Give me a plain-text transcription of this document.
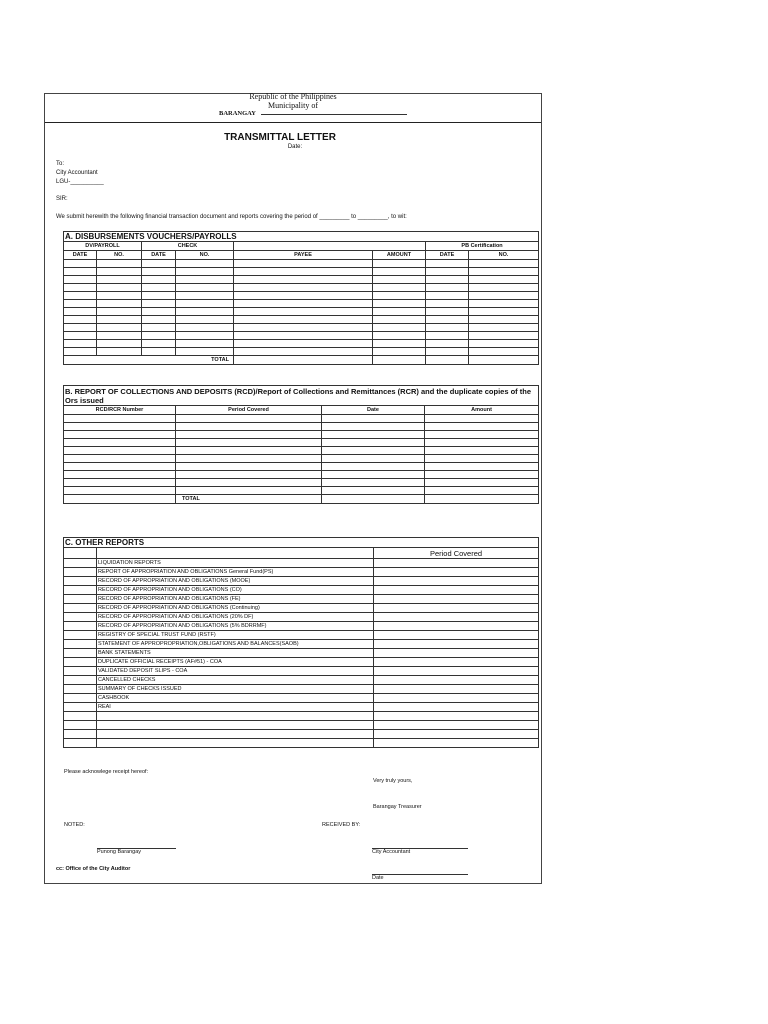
Republic of the Philippines
Municipality of
BARANGAY
TRANSMITTAL LETTER
Date:
To:
City Accountant
LGU-__________
SIR:
We submit herewith the following financial transaction document and reports covering the period of _________ to _________, to wit:
A. DISBURSEMENTS VOUCHERS/PAYROLLS							
DV/PAYROLL		CHECK				PB Certification	
DATE	NO.	DATE	NO.	PAYEE	AMOUNT	DATE	NO.

TOTAL							
B. REPORT OF COLLECTIONS AND DEPOSITS (RCD)/Report of Collections and Remittances (RCR) and the duplicate copies of the Ors issued			
RCD/RCR Number	Period Covered	Date	Amount

	TOTAL		
C. OTHER REPORTS		
		Period Covered
	LIQUIDATION REPORTS	
	REPORT OF APPROPRIATION AND OBLIGATIONS General Fund(PS)	
	RECORD OF APPROPRIATION AND OBLIGATIONS (MOOE)	
	RECORD OF APPROPRIATION AND OBLIGATIONS (CO)	
	RECORD OF APPROPRIATION AND OBLIGATIONS (FE)	
	RECORD OF APPROPRIATION AND OBLIGATIONS (Continuing)	
	RECORD OF APPROPRIATION AND OBLIGATIONS (20% DF)	
	RECORD OF APPROPRIATION AND OBLIGATIONS (5% BDRRMF)	
	REGISTRY OF SPECIAL TRUST FUND (RSTF)	
	STATEMENT OF APPROPROPRIATION,OBLIGATIONS AND BALANCES(SAOB)	
	BANK STATEMENTS	
	DUPLICATE OFFICIAL RECEIPTS (AF#51) - COA	
	VALIDATED DEPOSIT SLIPS - COA	
	CANCELLED CHECKS	
	SUMMARY OF CHECKS ISSUED	
	CASHBOOK	
	REAI	

Please acknowlege receipt hereof:
Very truly yours,
Barangay Treasurer
NOTED:	RECEIVED BY:
Punong Barangay	City Accountant
cc: Office of the City Auditor
Date
